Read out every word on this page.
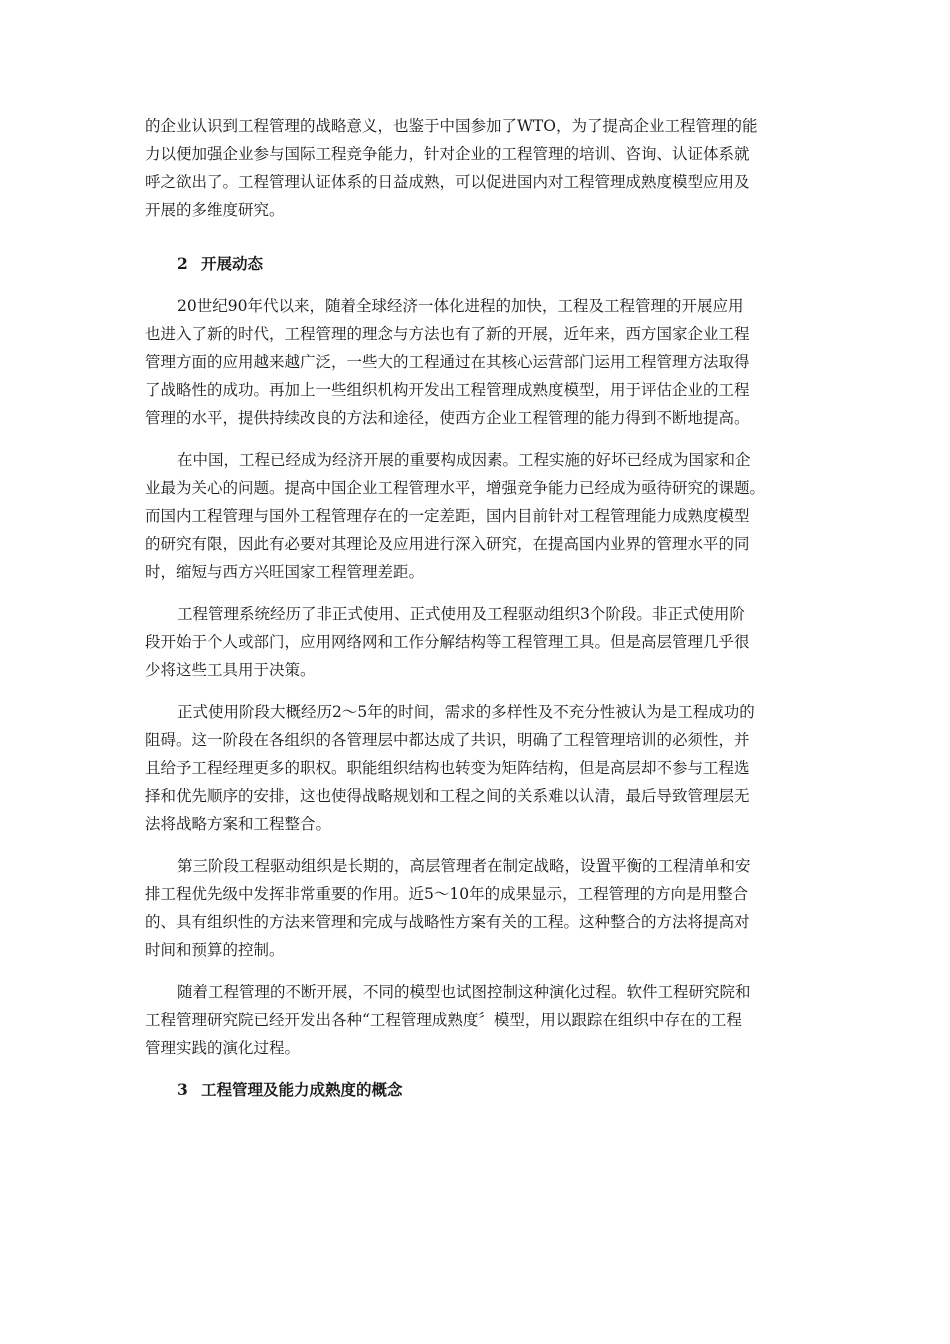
的企业认识到工程管理的战略意义，也鉴于中国参加了WTO，为了提高企业工程管理的能
力以便加强企业参与国际工程竞争能力，针对企业的工程管理的培训、咨询、认证体系就
呼之欲出了。工程管理认证体系的日益成熟，可以促进国内对工程管理成熟度模型应用及
开展的多维度研究。

2 开展动态

20世纪90年代以来，随着全球经济一体化进程的加快，工程及工程管理的开展应用
也进入了新的时代，工程管理的理念与方法也有了新的开展，近年来，西方国家企业工程
管理方面的应用越来越广泛，一些大的工程通过在其核心运营部门运用工程管理方法取得
了战略性的成功。再加上一些组织机构开发出工程管理成熟度模型，用于评估企业的工程
管理的水平，提供持续改良的方法和途径，使西方企业工程管理的能力得到不断地提高。

在中国，工程已经成为经济开展的重要构成因素。工程实施的好坏已经成为国家和企
业最为关心的问题。提高中国企业工程管理水平，增强竞争能力已经成为亟待研究的课题。
而国内工程管理与国外工程管理存在的一定差距，国内目前针对工程管理能力成熟度模型
的研究有限，因此有必要对其理论及应用进行深入研究，在提高国内业界的管理水平的同
时，缩短与西方兴旺国家工程管理差距。

工程管理系统经历了非正式使用、正式使用及工程驱动组织3个阶段。非正式使用阶
段开始于个人或部门，应用网络网和工作分解结构等工程管理工具。但是高层管理几乎很
少将这些工具用于决策。

正式使用阶段大概经历2～5年的时间，需求的多样性及不充分性被认为是工程成功的
阻碍。这一阶段在各组织的各管理层中都达成了共识，明确了工程管理培训的必须性，并
且给予工程经理更多的职权。职能组织结构也转变为矩阵结构，但是高层却不参与工程选
择和优先顺序的安排，这也使得战略规划和工程之间的关系难以认清，最后导致管理层无
法将战略方案和工程整合。

第三阶段工程驱动组织是长期的，高层管理者在制定战略，设置平衡的工程清单和安
排工程优先级中发挥非常重要的作用。近5～10年的成果显示，工程管理的方向是用整合
的、具有组织性的方法来管理和完成与战略性方案有关的工程。这种整合的方法将提高对
时间和预算的控制。

随着工程管理的不断开展，不同的模型也试图控制这种演化过程。软件工程研究院和
工程管理研究院已经开发出各种“工程管理成熟度〞模型，用以跟踪在组织中存在的工程
管理实践的演化过程。

3 工程管理及能力成熟度的概念
